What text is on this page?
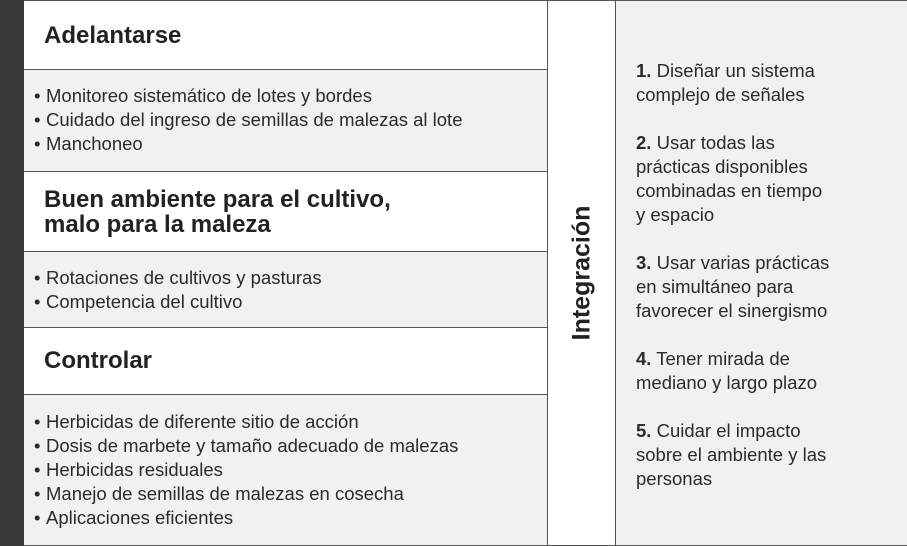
Adelantarse
• Monitoreo sistemático de lotes y bordes
• Cuidado del ingreso de semillas de malezas al lote
• Manchoneo
Buen ambiente para el cultivo,
malo para la maleza
• Rotaciones de cultivos y pasturas
• Competencia del cultivo
Controlar
• Herbicidas de diferente sitio de acción
• Dosis de marbete y tamaño adecuado de malezas
• Herbicidas residuales
• Manejo de semillas de malezas en cosecha
• Aplicaciones eficientes
Integración
1. Diseñar un sistema
complejo de señales
2. Usar todas las
prácticas disponibles
combinadas en tiempo
y espacio
3. Usar varias prácticas
en simultáneo para
favorecer el sinergismo
4. Tener mirada de
mediano y largo plazo
5. Cuidar el impacto
sobre el ambiente y las
personas
